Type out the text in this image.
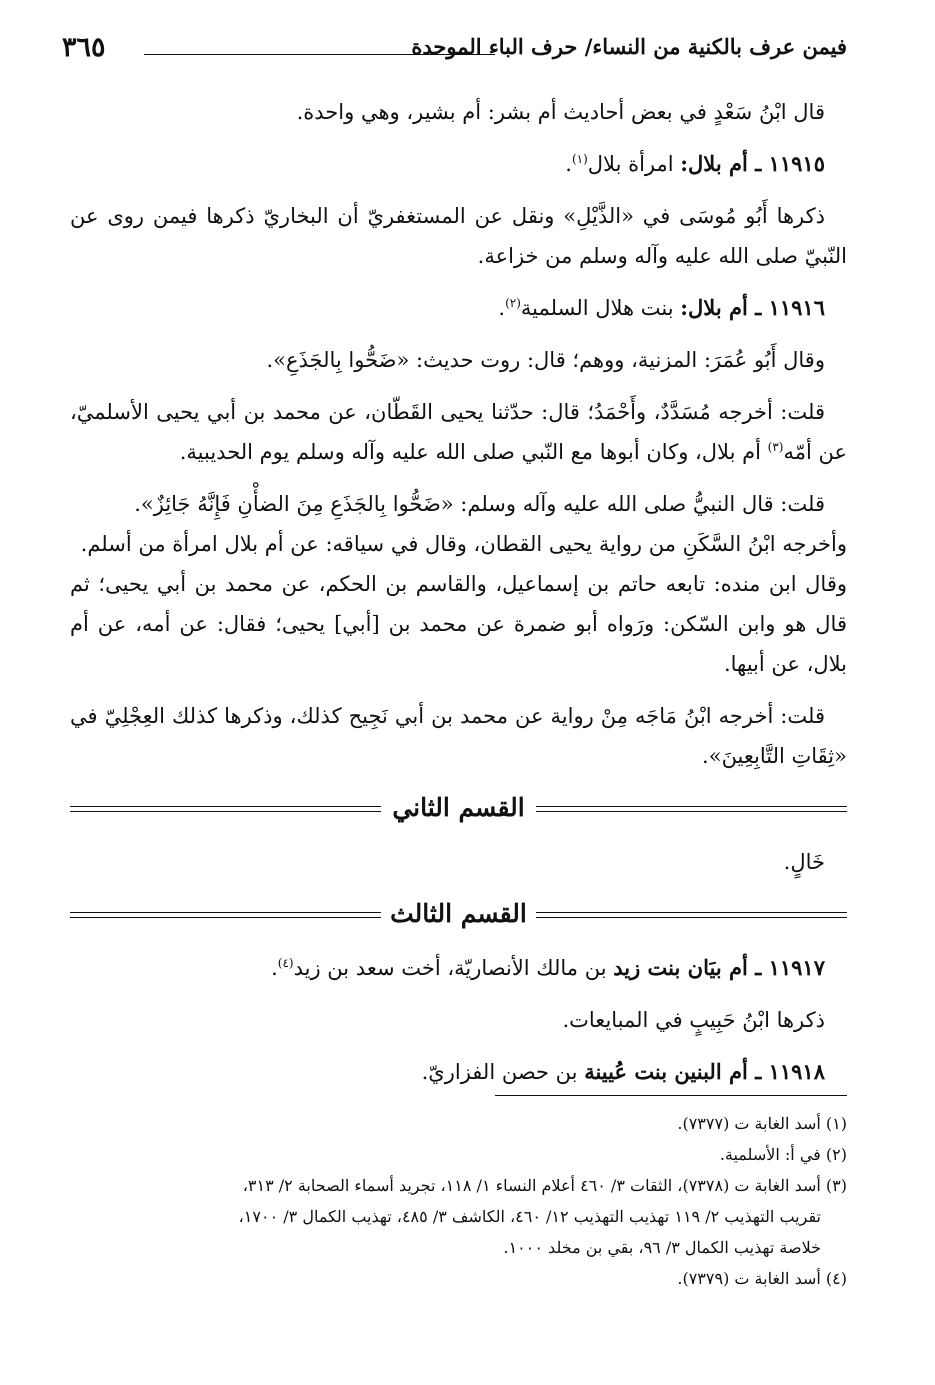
٣٦٥	فيمن عرف بالكنية من النساء/ حرف الباء الموحدة

قال ابْنُ سَعْدٍ في بعض أحاديث أم بشر: أم بشير، وهي واحدة.

١١٩١٥ ـ أم بلال: امرأة بلال$^{(١)}$.

ذكرها أَبُو مُوسَى في «الذَّيْلِ» ونقل عن المستغفريّ أن البخاريّ ذكرها فيمن روى عن النّبيّ صلى الله عليه وآله وسلم من خزاعة.

١١٩١٦ ـ أم بلال: بنت هلال السلمية$^{(٢)}$.

وقال أَبُو عُمَرَ: المزنية، ووهم؛ قال: روت حديث: «ضَحُّوا بِالجَذَعِ».

قلت: أخرجه مُسَدَّدٌ، وأَحْمَدُ؛ قال: حدّثنا يحيى القَطّان، عن محمد بن أبي يحيى الأسلميّ، عن أمّه$^{(٣)}$ أم بلال، وكان أبوها مع النّبي صلى الله عليه وآله وسلم يوم الحديبية.

قلت: قال النبيُّ صلى الله عليه وآله وسلم: «ضَحُّوا بِالجَذَعِ مِنَ الضأْنِ فَإِنَّهُ جَائِزٌ».

وأخرجه ابْنُ السَّكَنِ من رواية يحيى القطان، وقال في سياقه: عن أم بلال امرأة من أسلم.

وقال ابن منده: تابعه حاتم بن إسماعيل، والقاسم بن الحكم، عن محمد بن أبي يحيى؛ ثم قال هو وابن السّكن: ورَواه أبو ضمرة عن محمد بن [أبي] يحيى؛ فقال: عن أمه، عن أم بلال، عن أبيها.

قلت: أخرجه ابْنُ مَاجَه مِنْ رواية عن محمد بن أبي نَجِيح كذلك، وذكرها كذلك العِجْلِيّ في «ثِقَاتِ التَّابِعِينَ».

القسم الثاني

خَالٍ.

القسم الثالث

١١٩١٧ ـ أم بيَان بنت زيد بن مالك الأنصاريّة، أخت سعد بن زيد$^{(٤)}$.

ذكرها ابْنُ حَبِيبٍ في المبايعات.

١١٩١٨ ـ أم البنين بنت عُيينة بن حصن الفزاريّ.

(١) أسد الغابة ت (٧٣٧٧).

(٢) في أ: الأسلمية.

(٣) أسد الغابة ت (٧٣٧٨)، الثقات ٣/ ٤٦٠ أعلام النساء ١/ ١١٨، تجريد أسماء الصحابة ٢/ ٣١٣،

تقريب التهذيب ٢/ ١١٩ تهذيب التهذيب ١٢/ ٤٦٠، الكاشف ٣/ ٤٨٥، تهذيب الكمال ٣/ ١٧٠٠،

خلاصة تهذيب الكمال ٣/ ٩٦، بقي بن مخلد ١٠٠٠.

(٤) أسد الغابة ت (٧٣٧٩).
